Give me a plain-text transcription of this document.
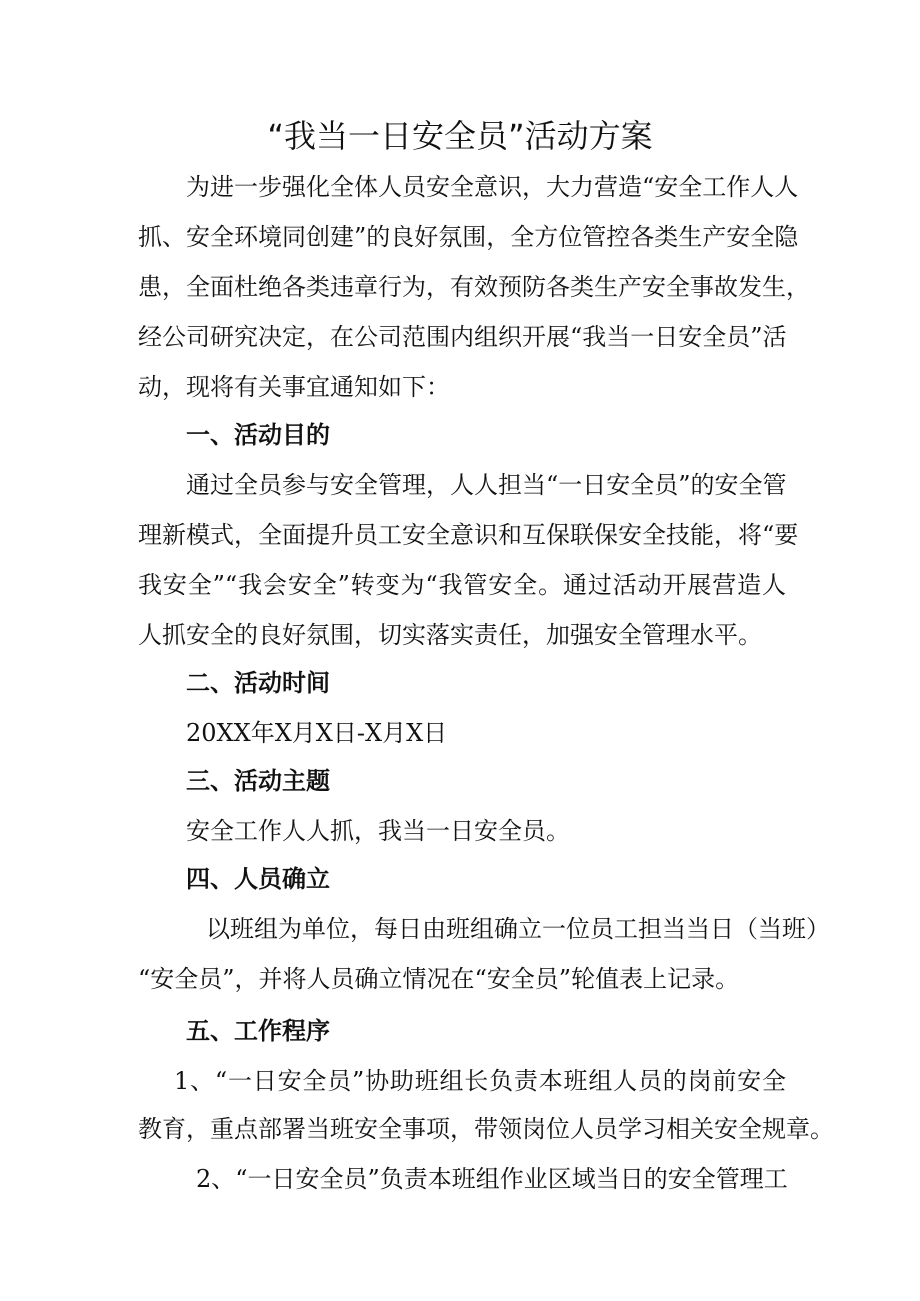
“我当一日安全员”活动方案
为进一步强化全体人员安全意识，大力营造“安全工作人人
抓、安全环境同创建”的良好氛围，全方位管控各类生产安全隐
患，全面杜绝各类违章行为，有效预防各类生产安全事故发生，
经公司研究决定，在公司范围内组织开展“我当一日安全员”活
动，现将有关事宜通知如下：
一、活动目的
通过全员参与安全管理，人人担当“一日安全员”的安全管
理新模式，全面提升员工安全意识和互保联保安全技能，将“要
我安全”“我会安全”转变为“我管安全。通过活动开展营造人
人抓安全的良好氛围，切实落实责任，加强安全管理水平。
二、活动时间
20XX年X月X日-X月X日
三、活动主题
安全工作人人抓，我当一日安全员。
四、人员确立
以班组为单位，每日由班组确立一位员工担当当日（当班）
“安全员”，并将人员确立情况在“安全员”轮值表上记录。
五、工作程序
1、“一日安全员”协助班组长负责本班组人员的岗前安全
教育，重点部署当班安全事项，带领岗位人员学习相关安全规章。
2、“一日安全员”负责本班组作业区域当日的安全管理工
